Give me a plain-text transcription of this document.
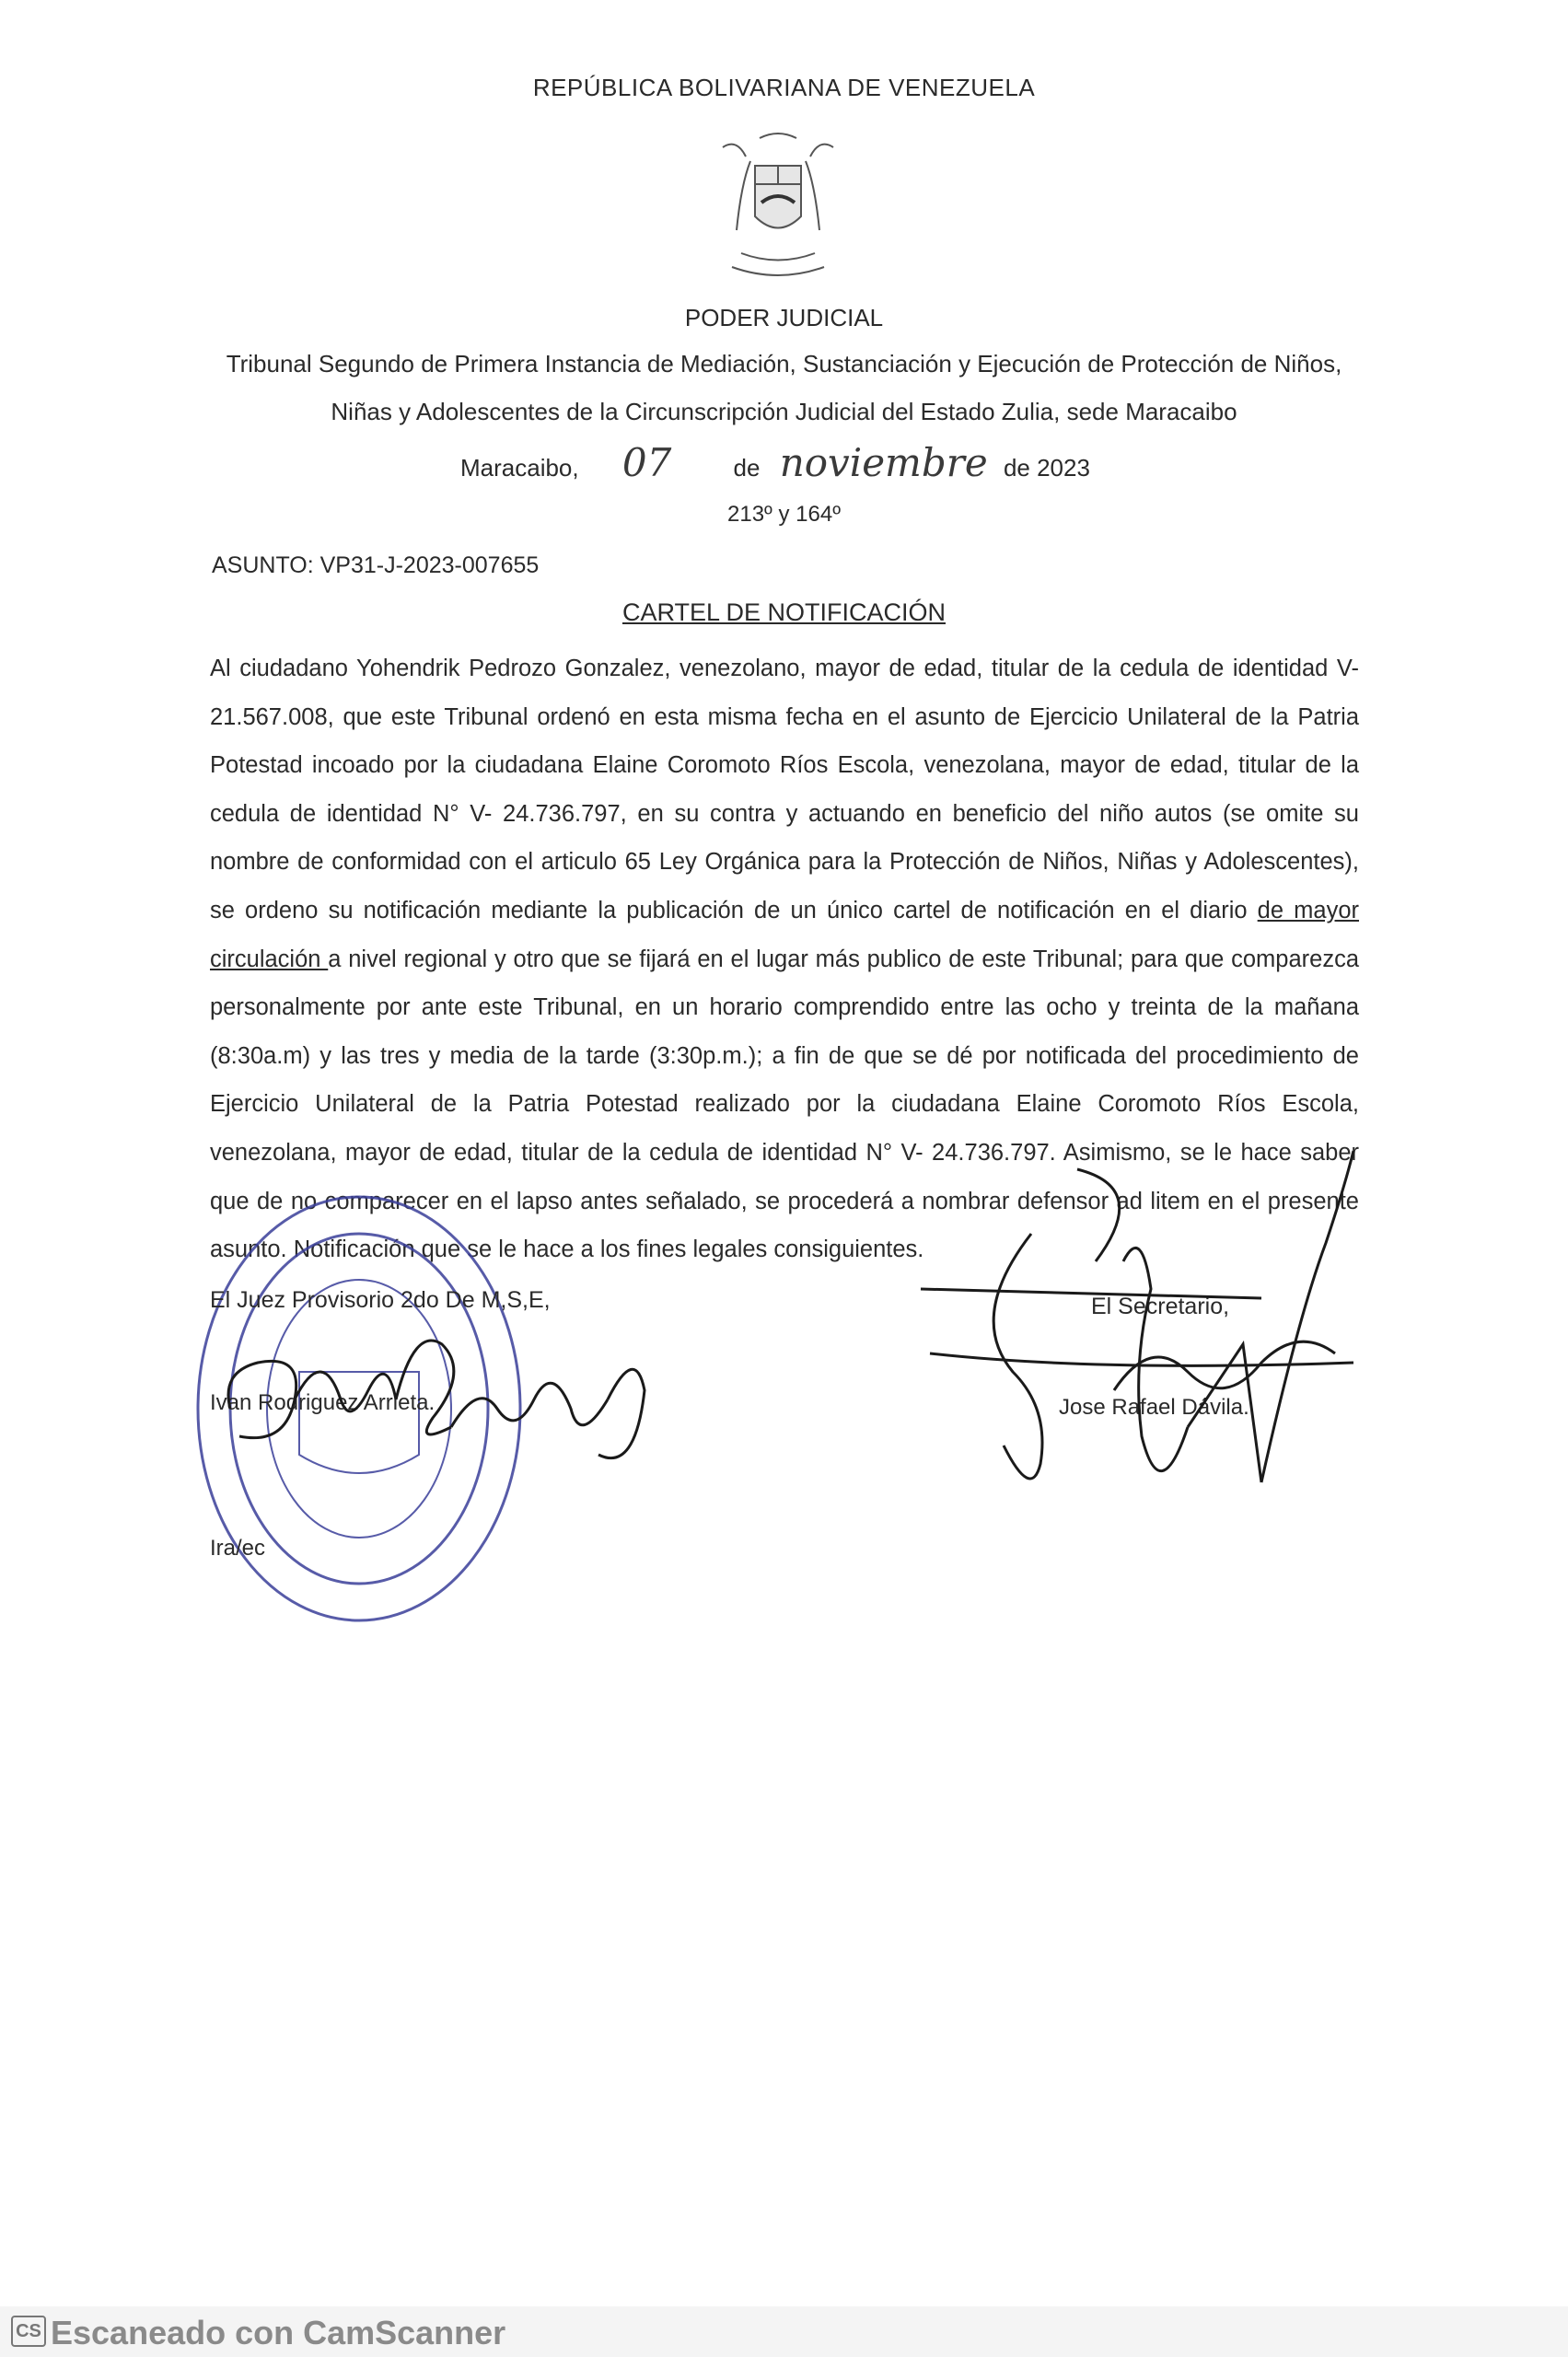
REPÚBLICA BOLIVARIANA DE VENEZUELA
PODER JUDICIAL
Tribunal Segundo de Primera Instancia de Mediación, Sustanciación y Ejecución de Protección de Niños,
Niñas y Adolescentes de la Circunscripción Judicial del Estado Zulia, sede Maracaibo
Maracaibo, 07	de noviembre de 2023
213º y 164º
ASUNTO: VP31-J-2023-007655
CARTEL DE NOTIFICACIÓN
Al ciudadano Yohendrik Pedrozo Gonzalez, venezolano, mayor de edad, titular de la cedula de identidad V-21.567.008, que este Tribunal ordenó en esta misma fecha en el asunto de Ejercicio Unilateral de la Patria Potestad incoado por la ciudadana Elaine Coromoto Ríos Escola, venezolana, mayor de edad, titular de la cedula de identidad N° V- 24.736.797, en su contra y actuando en beneficio del niño autos (se omite su nombre de conformidad con el articulo 65 Ley Orgánica para la Protección de Niños, Niñas y Adolescentes), se ordeno su notificación mediante la publicación de un único cartel de notificación en el diario de mayor circulación a nivel regional y otro que se fijará en el lugar más publico de este Tribunal; para que comparezca personalmente por ante este Tribunal, en un horario comprendido entre las ocho y treinta de la mañana (8:30a.m) y las tres y media de la tarde (3:30p.m.); a fin de que se dé por notificada del procedimiento de Ejercicio Unilateral de la Patria Potestad realizado por la ciudadana Elaine Coromoto Ríos Escola, venezolana, mayor de edad, titular de la cedula de identidad N° V- 24.736.797. Asimismo, se le hace saber que de no comparecer en el lapso antes señalado, se procederá a nombrar defensor ad litem en el presente asunto. Notificación que se le hace a los fines legales consiguientes.
El Juez Provisorio 2do De M,S,E,
Ivan Rodriguez Arrieta.
Ira/ec
El Secretario,
Jose Rafael Dávila.
CS Escaneado con CamScanner
